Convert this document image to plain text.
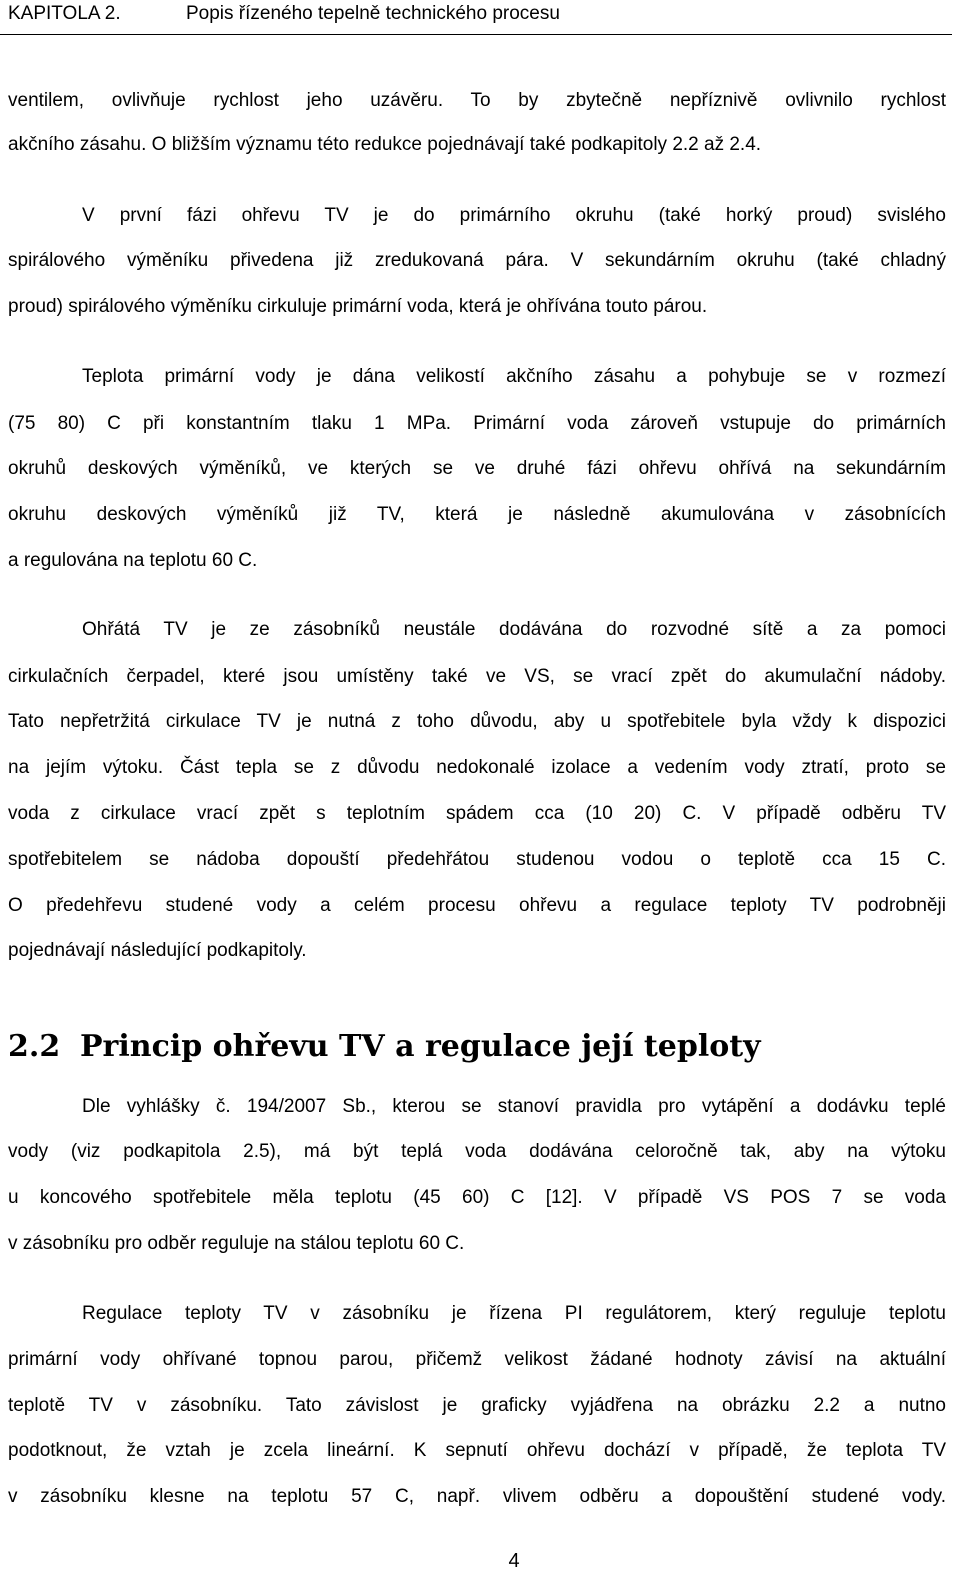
KAPITOLA 2.	Popis řízeného tepelně technického procesu
ventilem, ovlivňuje rychlost jeho uzávěru. To by zbytečně nepříznivě ovlivnilo rychlost
akčního zásahu. O bližším významu této redukce pojednávají také podkapitoly 2.2 až 2.4.
V první fázi ohřevu TV je do primárního okruhu (také horký proud) svislého
spirálového výměníku přivedena již zredukovaná pára. V sekundárním okruhu (také chladný
proud) spirálového výměníku cirkuluje primární voda, která je ohřívána touto párou.
Teplota primární vody je dána velikostí akčního zásahu a pohybuje se v rozmezí
(75 80) C při konstantním tlaku 1 MPa. Primární voda zároveň vstupuje do primárních
okruhů deskových výměníků, ve kterých se ve druhé fázi ohřevu ohřívá na sekundárním
okruhu deskových výměníků již TV, která je následně akumulována v zásobnících
a regulována na teplotu 60 C.
Ohřátá TV je ze zásobníků neustále dodávána do rozvodné sítě a za pomoci
cirkulačních čerpadel, které jsou umístěny také ve VS, se vrací zpět do akumulační nádoby.
Tato nepřetržitá cirkulace TV je nutná z toho důvodu, aby u spotřebitele byla vždy k dispozici
na jejím výtoku. Část tepla se z důvodu nedokonalé izolace a vedením vody ztratí, proto se
voda z cirkulace vrací zpět s teplotním spádem cca (10 20) C. V případě odběru TV
spotřebitelem se nádoba dopouští předehřátou studenou vodou o teplotě cca 15 C.
O předehřevu studené vody a celém procesu ohřevu a regulace teploty TV podrobněji
pojednávají následující podkapitoly.
2.2 Princip ohřevu TV a regulace její teploty
Dle vyhlášky č. 194/2007 Sb., kterou se stanoví pravidla pro vytápění a dodávku teplé
vody (viz podkapitola 2.5), má být teplá voda dodávána celoročně tak, aby na výtoku
u koncového spotřebitele měla teplotu (45 60) C [12]. V případě VS POS 7 se voda
v zásobníku pro odběr reguluje na stálou teplotu 60 C.
Regulace teploty TV v zásobníku je řízena PI regulátorem, který reguluje teplotu
primární vody ohřívané topnou parou, přičemž velikost žádané hodnoty závisí na aktuální
teplotě TV v zásobníku. Tato závislost je graficky vyjádřena na obrázku 2.2 a nutno
podotknout, že vztah je zcela lineární. K sepnutí ohřevu dochází v případě, že teplota TV
v zásobníku klesne na teplotu 57 C, např. vlivem odběru a dopouštění studené vody.
4
